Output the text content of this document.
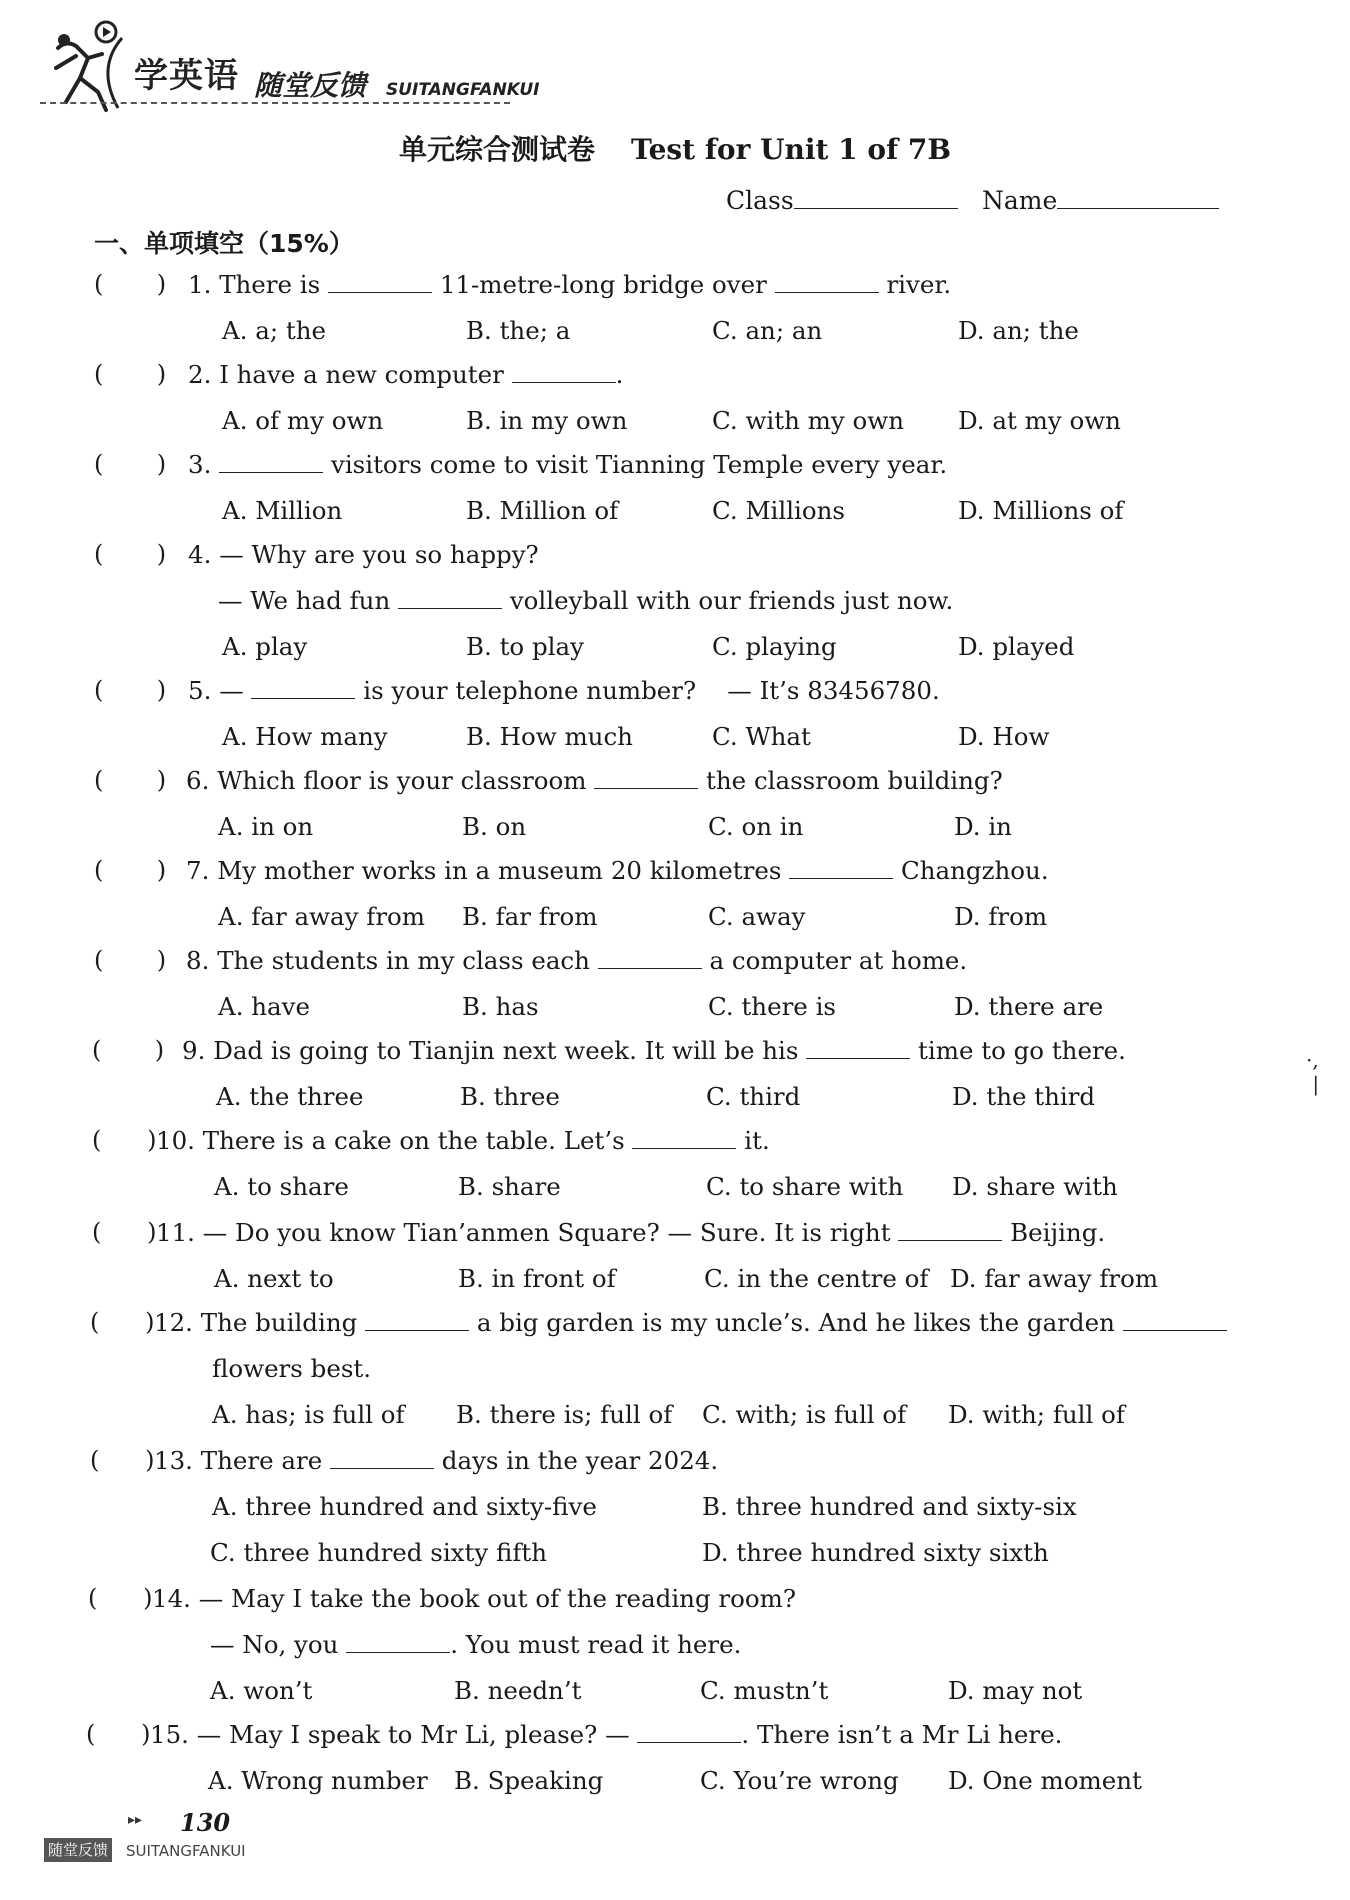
学英语 随堂反馈 SUITANGFANKUI
单元综合测试卷 Test for Unit 1 of 7B
Class	Name
一、单项填空（15%）
(       ) 1. There is	11-metre-long bridge over	river.
A. a; the	B. the; a	C. an; an	D. an; the
(       ) 2. I have a new computer	.
A. of my own	B. in my own	C. with my own D. at my own
(       ) 3.	visitors come to visit Tianning Temple every year.
A. Million	B. Million of	C. Millions	D. Millions of
(       ) 4. — Why are you so happy?
— We had fun	volleyball with our friends just now.
A. play	B. to play	C. playing	D. played
(       ) 5. —	is your telephone number? — It’s 83456780.
A. How many	B. How much	C. What	D. How
(       ) 6. Which floor is your classroom	the classroom building?
A. in on	B. on	C. on in	D. in
(       ) 7. My mother works in a museum 20 kilometres	Changzhou.
A. far away from B. far from	C. away	D. from
(       ) 8. The students in my class each	a computer at home.
A. have	B. has	C. there is	D. there are
(       ) 9. Dad is going to Tianjin next week. It will be his	time to go there.
A. the three	B. three	C. third	D. the third
(      ) 10. There is a cake on the table. Let’s	it.
A. to share	B. share	C. to share with D. share with
(      ) 11. — Do you know Tian’anmen Square? — Sure. It is right	Beijing.
A. next to	B. in front of	C. in the centre of D. far away from
(      ) 12. The building	a big garden is my uncle’s. And he likes the garden
flowers best.
A. has; is full of B. there is; full of C. with; is full of D. with; full of
(      ) 13. There are	days in the year 2024.
A. three hundred and sixty-five	B. three hundred and sixty-six
C. three hundred sixty fifth	D. three hundred sixty sixth
(      ) 14. — May I take the book out of the reading room?
— No, you	. You must read it here.
A. won’t	B. needn’t	C. mustn’t	D. may not
(      ) 15. — May I speak to Mr Li, please? —	. There isn’t a Mr Li here.
A. Wrong number B. Speaking	C. You’re wrong D. One moment
·,
|
▸▸ 130
随堂反馈 SUITANGFANKUI
